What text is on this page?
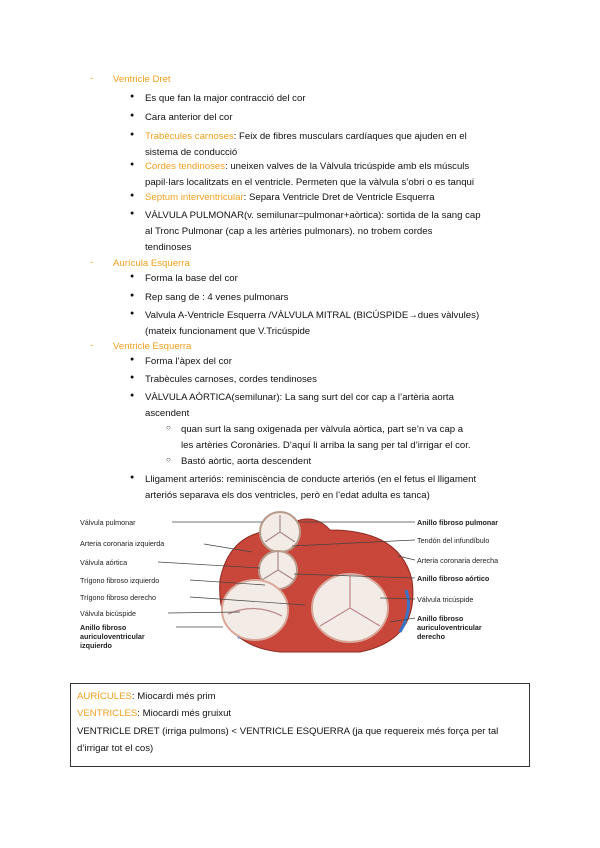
- Ventricle Dret
● Es que fan la major contracció del cor
● Cara anterior del cor
● Trabècules carnoses: Feix de fibres musculars cardíaques que ajuden en el
sistema de conducció
● Cordes tendinoses: uneixen valves de la Vàlvula tricúspide amb els músculs
papil·lars localitzats en el ventricle. Permeten que la vàlvula s’obri o es tanqui
● Septum interventricular: Separa Ventricle Dret de Ventricle Esquerra
● VÀLVULA PULMONAR(v. semilunar=pulmonar+aòrtica): sortida de la sang cap
al Tronc Pulmonar (cap a les artèries pulmonars). no trobem cordes
tendinoses
- Aurícula Esquerra
● Forma la base del cor
● Rep sang de : 4 venes pulmonars
● Valvula A-Ventricle Esquerra /VÀLVULA MITRAL (BICÚSPIDE→dues vàlvules)
(mateix funcionament que V.Tricúspide
- Ventricle Esquerra
● Forma l’àpex del cor
● Trabècules carnoses, cordes tendinoses
● VÀLVULA AÒRTICA(semilunar): La sang surt del cor cap a l’artèria aorta
ascendent
○ quan surt la sang oxigenada per vàlvula aòrtica, part se’n va cap a
les artèries Coronàries. D’aquí li arriba la sang per tal d’irrigar el cor.
○ Bastó aòrtic, aorta descendent
● Lligament arteriós: reminiscència de conducte arteriós (en el fetus el lligament
arteriós separava els dos ventricles, però en l’edat adulta es tanca)
Válvula pulmonar
Arteria coronaria izquierda
Válvula aórtica
Trígono fibroso izquierdo
Trígono fibroso derecho
Válvula bicúspide
Anillo fibroso
auriculoventricular
izquierdo
Anillo fibroso pulmonar
Tendón del infundíbulo
Arteria coronaria derecha
Anillo fibroso aórtico
Válvula tricúspide
Anillo fibroso
auriculoventricular
derecho
AURÍCULES: Miocardi més prim
VENTRICLES: Miocardi més gruixut
VENTRICLE DRET (irriga pulmons) < VENTRICLE ESQUERRA (ja que requereix més força per tal
d’irrigar tot el cos)
